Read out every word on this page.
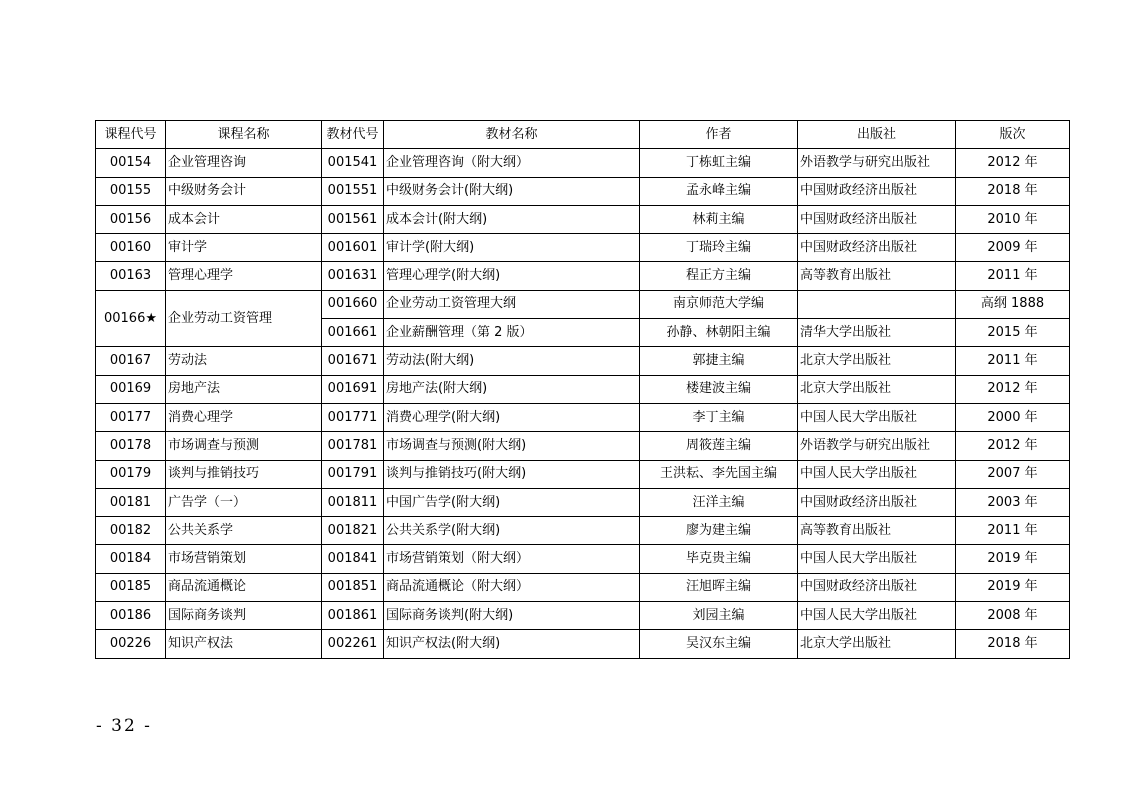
课程代号	课程名称	教材代号	教材名称	作者	出版社	版次
00154	企业管理咨询	001541	企业管理咨询（附大纲）	丁栋虹主编	外语教学与研究出版社	2012 年
00155	中级财务会计	001551	中级财务会计(附大纲)	孟永峰主编	中国财政经济出版社	2018 年
00156	成本会计	001561	成本会计(附大纲)	林莉主编	中国财政经济出版社	2010 年
00160	审计学	001601	审计学(附大纲)	丁瑞玲主编	中国财政经济出版社	2009 年
00163	管理心理学	001631	管理心理学(附大纲)	程正方主编	高等教育出版社	2011 年
00166★	企业劳动工资管理	001660	企业劳动工资管理大纲	南京师范大学编		高纲 1888
		001661	企业薪酬管理（第 2 版）	孙静、林朝阳主编	清华大学出版社	2015 年
00167	劳动法	001671	劳动法(附大纲)	郭捷主编	北京大学出版社	2011 年
00169	房地产法	001691	房地产法(附大纲)	楼建波主编	北京大学出版社	2012 年
00177	消费心理学	001771	消费心理学(附大纲)	李丁主编	中国人民大学出版社	2000 年
00178	市场调查与预测	001781	市场调查与预测(附大纲)	周筱莲主编	外语教学与研究出版社	2012 年
00179	谈判与推销技巧	001791	谈判与推销技巧(附大纲)	王洪耘、李先国主编	中国人民大学出版社	2007 年
00181	广告学（一）	001811	中国广告学(附大纲)	汪洋主编	中国财政经济出版社	2003 年
00182	公共关系学	001821	公共关系学(附大纲)	廖为建主编	高等教育出版社	2011 年
00184	市场营销策划	001841	市场营销策划（附大纲）	毕克贵主编	中国人民大学出版社	2019 年
00185	商品流通概论	001851	商品流通概论（附大纲）	汪旭晖主编	中国财政经济出版社	2019 年
00186	国际商务谈判	001861	国际商务谈判(附大纲)	刘园主编	中国人民大学出版社	2008 年
00226	知识产权法	002261	知识产权法(附大纲)	吴汉东主编	北京大学出版社	2018 年
- 32 -
